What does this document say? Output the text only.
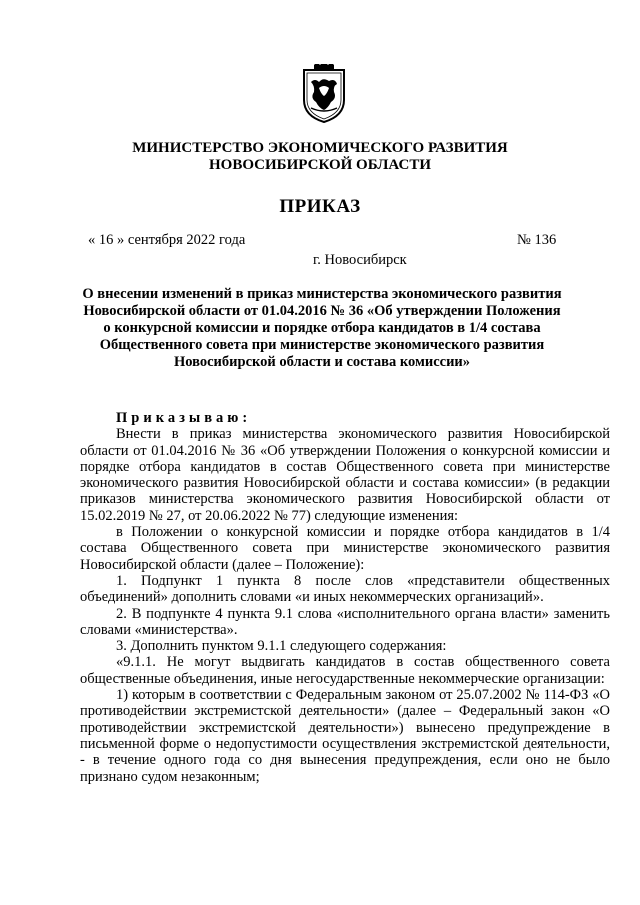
МИНИСТЕРСТВО ЭКОНОМИЧЕСКОГО РАЗВИТИЯ
НОВОСИБИРСКОЙ ОБЛАСТИ
ПРИКАЗ
« 16 » сентября 2022 года	№ 136
г. Новосибирск
О внесении изменений в приказ министерства экономического развития Новосибирской области от 01.04.2016 № 36 «Об утверждении Положения о конкурсной комиссии и порядке отбора кандидатов в 1/4 состава Общественного совета при министерстве экономического развития Новосибирской области и состава комиссии»

Приказываю:

Внести в приказ министерства экономического развития Новосибирской области от 01.04.2016 № 36 «Об утверждении Положения о конкурсной комиссии и порядке отбора кандидатов в состав Общественного совета при министерстве экономического развития Новосибирской области и состава комиссии» (в редакции приказов министерства экономического развития Новосибирской области от 15.02.2019 № 27, от 20.06.2022 № 77) следующие изменения:

в Положении о конкурсной комиссии и порядке отбора кандидатов в 1/4 состава Общественного совета при министерстве экономического развития Новосибирской области (далее – Положение):

1. Подпункт 1 пункта 8 после слов «представители общественных объединений» дополнить словами «и иных некоммерческих организаций».

2. В подпункте 4 пункта 9.1 слова «исполнительного органа власти» заменить словами «министерства».

3. Дополнить пунктом 9.1.1 следующего содержания:

«9.1.1. Не могут выдвигать кандидатов в состав общественного совета общественные объединения, иные негосударственные некоммерческие организации:

1) которым в соответствии с Федеральным законом от 25.07.2002 № 114-ФЗ «О противодействии экстремистской деятельности» (далее – Федеральный закон «О противодействии экстремистской деятельности») вынесено предупреждение в письменной форме о недопустимости осуществления экстремистской деятельности, - в течение одного года со дня вынесения предупреждения, если оно не было признано судом незаконным;
